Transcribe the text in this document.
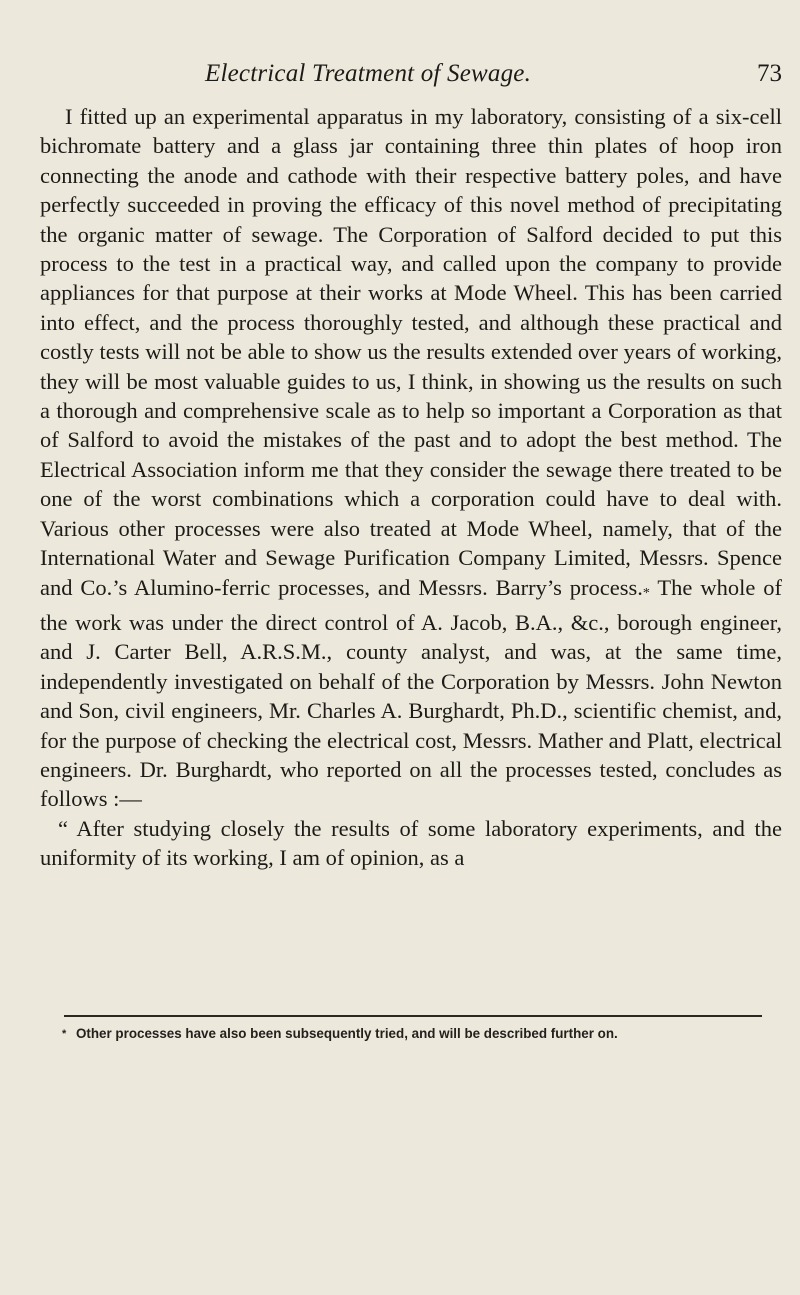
Electrical Treatment of Sewage.	73

I fitted up an experimental apparatus in my laboratory, consisting of a six-cell bichromate battery and a glass jar containing three thin plates of hoop iron connecting the anode and cathode with their respective battery poles, and have perfectly succeeded in proving the efficacy of this novel method of precipitating the organic matter of sewage. The Corporation of Salford decided to put this process to the test in a practical way, and called upon the company to provide appliances for that purpose at their works at Mode Wheel. This has been carried into effect, and the process thoroughly tested, and although these practical and costly tests will not be able to show us the results extended over years of working, they will be most valuable guides to us, I think, in showing us the results on such a thorough and comprehensive scale as to help so important a Corporation as that of Salford to avoid the mistakes of the past and to adopt the best method. The Electrical Association inform me that they consider the sewage there treated to be one of the worst combinations which a corporation could have to deal with. Various other processes were also treated at Mode Wheel, namely, that of the International Water and Sewage Purification Company Limited, Messrs. Spence and Co.’s Alumino-ferric processes, and Messrs. Barry’s process.* The whole of the work was under the direct control of A. Jacob, B.A., &c., borough engineer, and J. Carter Bell, A.R.S.M., county analyst, and was, at the same time, independently investigated on behalf of the Corporation by Messrs. John Newton and Son, civil engineers, Mr. Charles A. Burghardt, Ph.D., scientific chemist, and, for the purpose of checking the electrical cost, Messrs. Mather and Platt, electrical engineers. Dr. Burghardt, who reported on all the processes tested, concludes as follows :—

“ After studying closely the results of some laboratory experiments, and the uniformity of its working, I am of opinion, as a

* Other processes have also been subsequently tried, and will be described further on.
